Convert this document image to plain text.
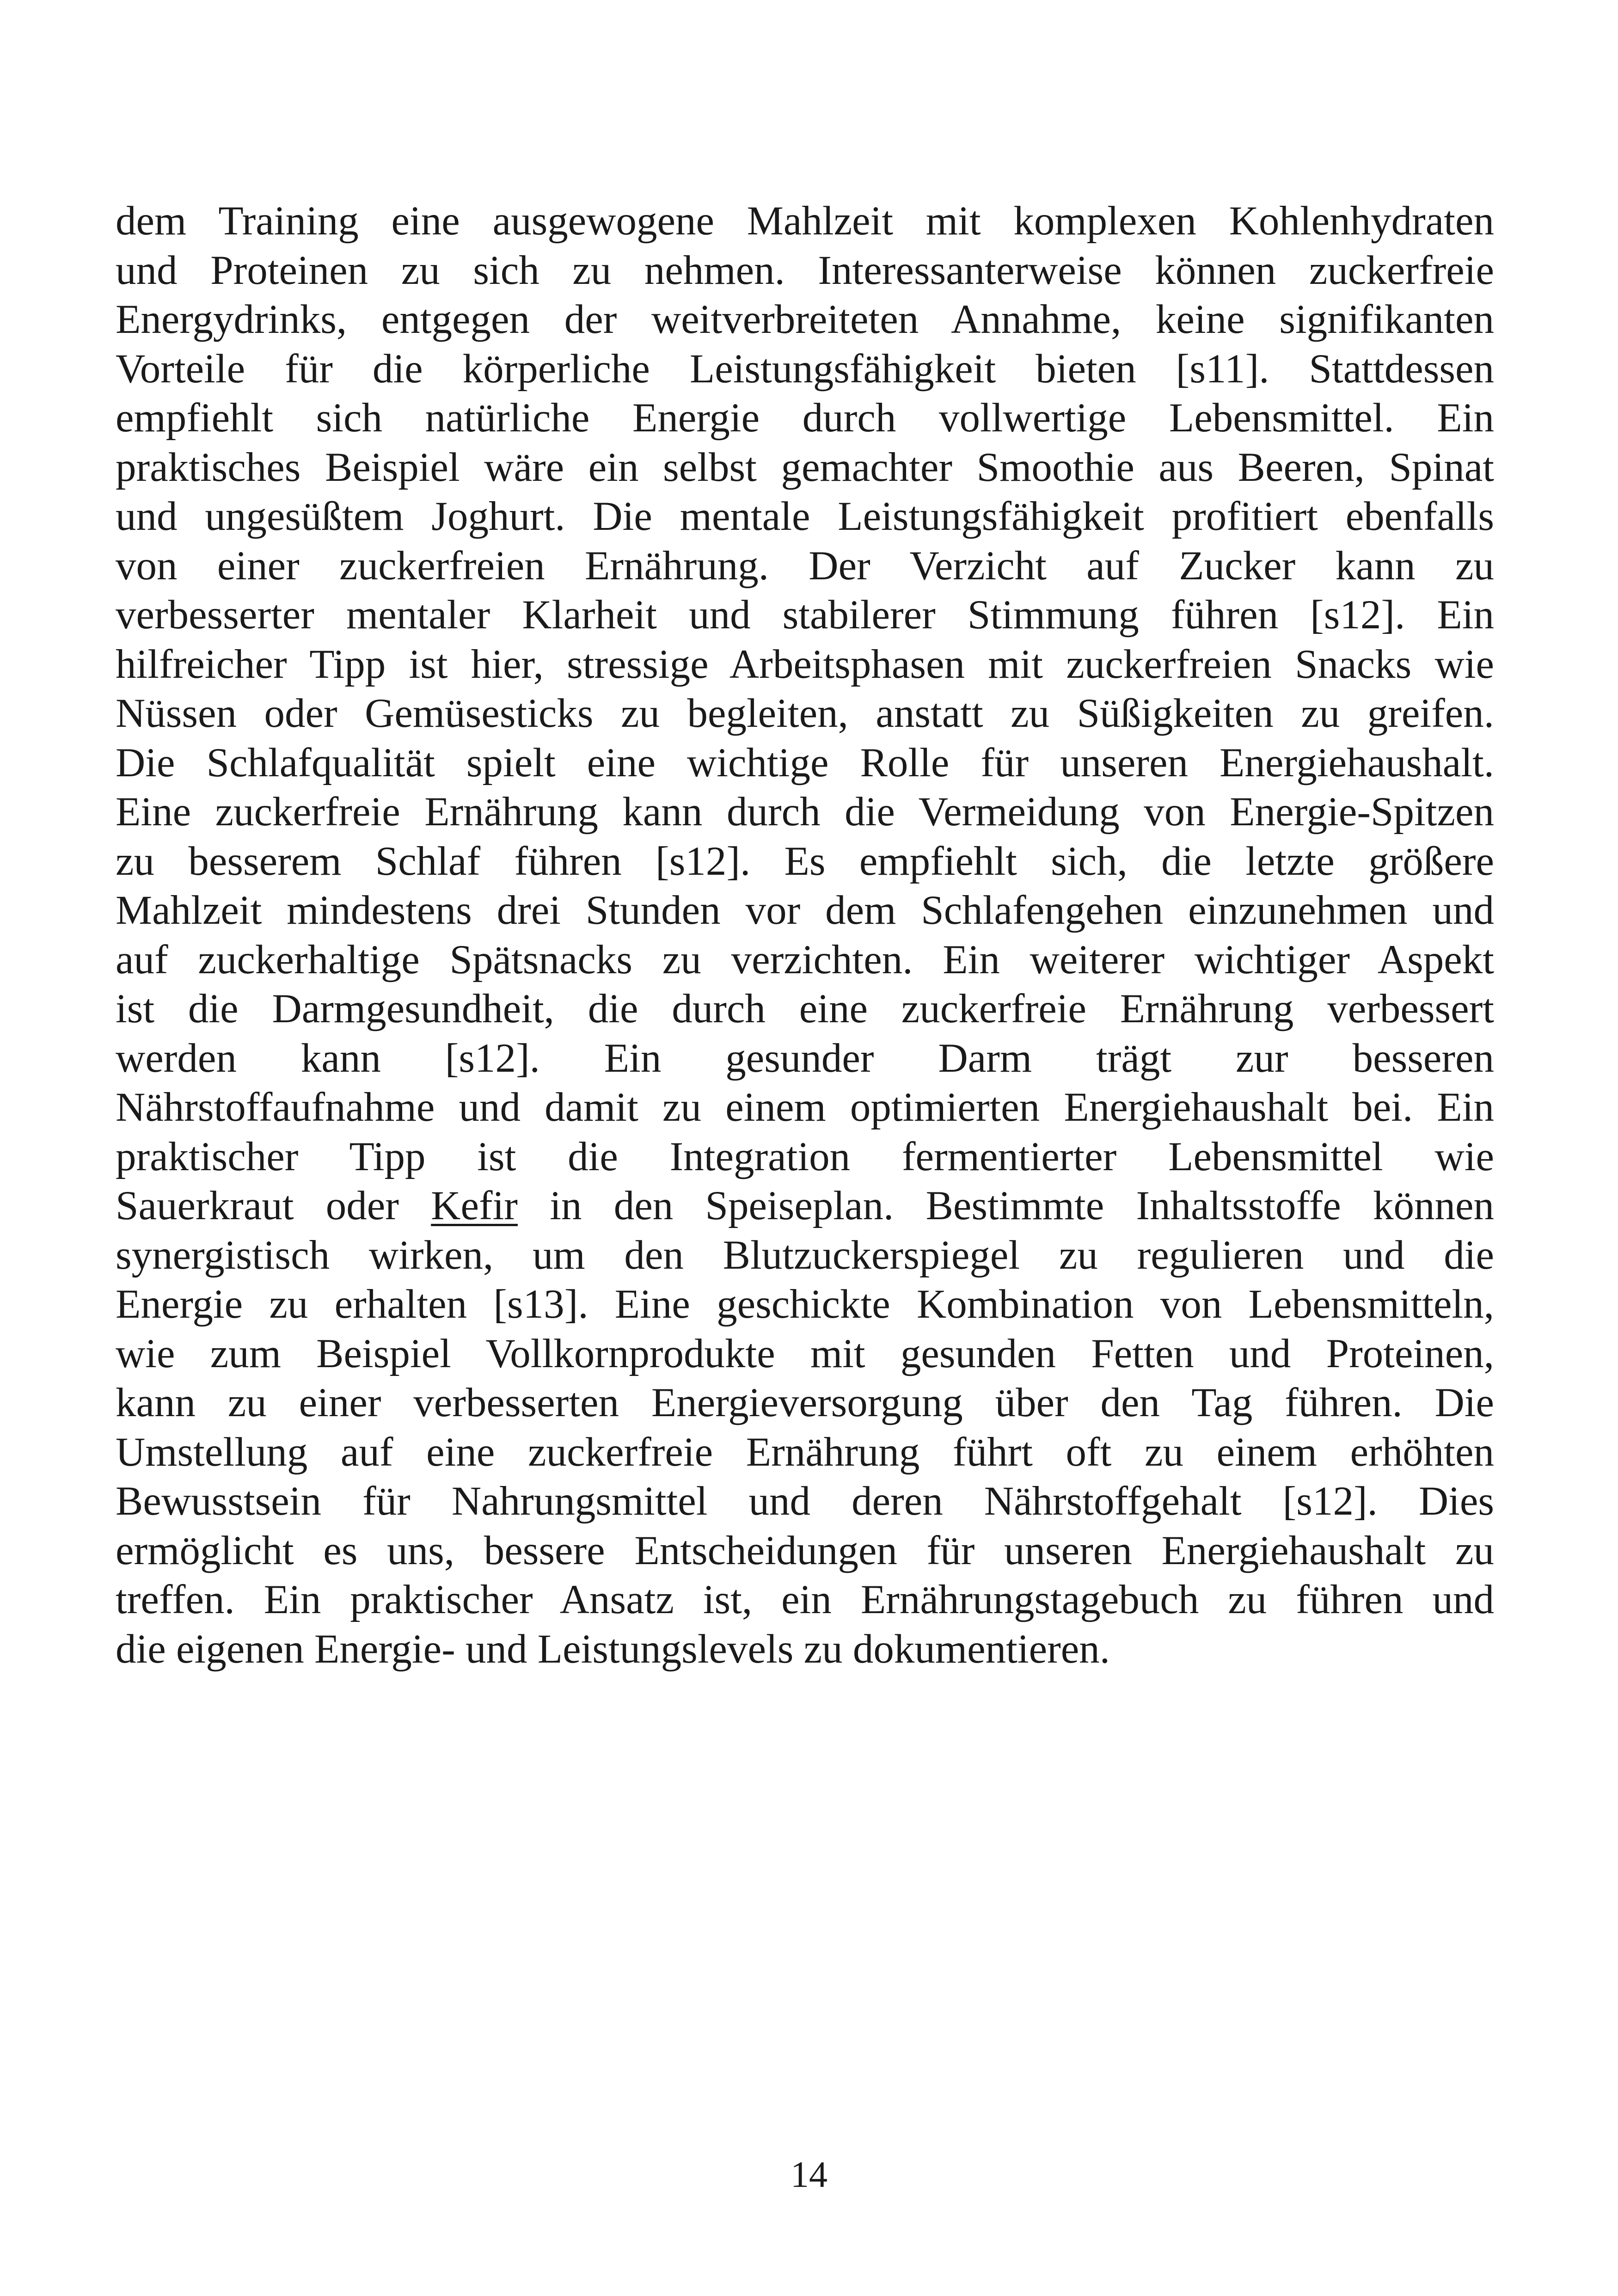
dem Training eine ausgewogene Mahlzeit mit komplexen Kohlenhydraten
und Proteinen zu sich zu nehmen. Interessanterweise können zuckerfreie
Energydrinks, entgegen der weitverbreiteten Annahme, keine signifikanten
Vorteile für die körperliche Leistungsfähigkeit bieten [s11]. Stattdessen
empfiehlt sich natürliche Energie durch vollwertige Lebensmittel. Ein
praktisches Beispiel wäre ein selbst gemachter Smoothie aus Beeren, Spinat
und ungesüßtem Joghurt. Die mentale Leistungsfähigkeit profitiert ebenfalls
von einer zuckerfreien Ernährung. Der Verzicht auf Zucker kann zu
verbesserter mentaler Klarheit und stabilerer Stimmung führen [s12]. Ein
hilfreicher Tipp ist hier, stressige Arbeitsphasen mit zuckerfreien Snacks wie
Nüssen oder Gemüsesticks zu begleiten, anstatt zu Süßigkeiten zu greifen.
Die Schlafqualität spielt eine wichtige Rolle für unseren Energiehaushalt.
Eine zuckerfreie Ernährung kann durch die Vermeidung von Energie-Spitzen
zu besserem Schlaf führen [s12]. Es empfiehlt sich, die letzte größere
Mahlzeit mindestens drei Stunden vor dem Schlafengehen einzunehmen und
auf zuckerhaltige Spätsnacks zu verzichten. Ein weiterer wichtiger Aspekt
ist die Darmgesundheit, die durch eine zuckerfreie Ernährung verbessert
werden kann [s12]. Ein gesunder Darm trägt zur besseren
Nährstoffaufnahme und damit zu einem optimierten Energiehaushalt bei. Ein
praktischer Tipp ist die Integration fermentierter Lebensmittel wie
Sauerkraut oder Kefir in den Speiseplan. Bestimmte Inhaltsstoffe können
synergistisch wirken, um den Blutzuckerspiegel zu regulieren und die
Energie zu erhalten [s13]. Eine geschickte Kombination von Lebensmitteln,
wie zum Beispiel Vollkornprodukte mit gesunden Fetten und Proteinen,
kann zu einer verbesserten Energieversorgung über den Tag führen. Die
Umstellung auf eine zuckerfreie Ernährung führt oft zu einem erhöhten
Bewusstsein für Nahrungsmittel und deren Nährstoffgehalt [s12]. Dies
ermöglicht es uns, bessere Entscheidungen für unseren Energiehaushalt zu
treffen. Ein praktischer Ansatz ist, ein Ernährungstagebuch zu führen und
die eigenen Energie- und Leistungslevels zu dokumentieren.
14
